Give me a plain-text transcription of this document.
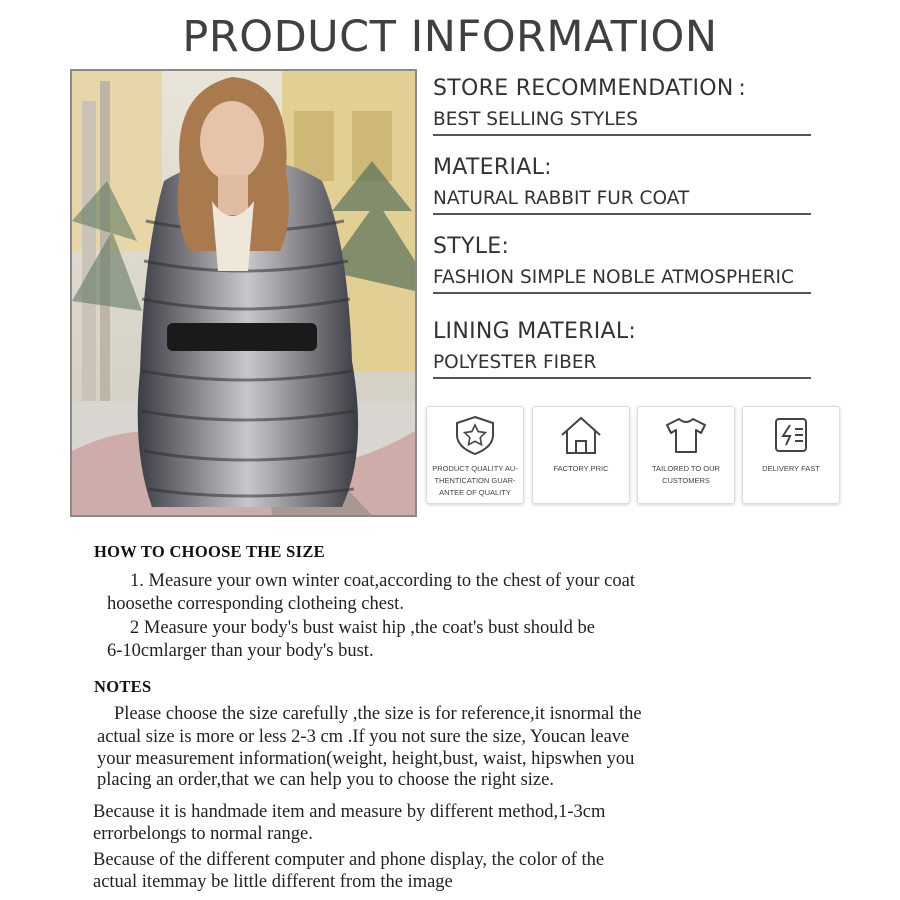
PRODUCT INFORMATION
STORE RECOMMENDATION :
BEST SELLING STYLES
MATERIAL:
NATURAL RABBIT FUR COAT
STYLE:
FASHION SIMPLE NOBLE ATMOSPHERIC
LINING MATERIAL:
POLYESTER FIBER
PRODUCT QUALITY AU-
THENTICATION GUAR-
ANTEE OF QUALITY
FACTORY PRIC	TAILORED TO OUR
CUSTOMERS
DELIVERY FAST
HOW TO CHOOSE THE SIZE
1. Measure your own winter coat,according to the chest of your coat
hoosethe corresponding clotheing chest.
2 Measure your body's bust waist hip ,the coat's bust should be
6-10cmlarger than your body's bust.
NOTES
Please choose the size carefully ,the size is for reference,it isnormal the
actual size is more or less 2-3 cm .If you not sure the size, Youcan leave
your measurement information(weight, height,bust, waist, hipswhen you
placing an order,that we can help you to choose the right size.
Because it is handmade item and measure by different method,1-3cm
errorbelongs to normal range.
Because of the different computer and phone display, the color of the
actual itemmay be little different from the image
